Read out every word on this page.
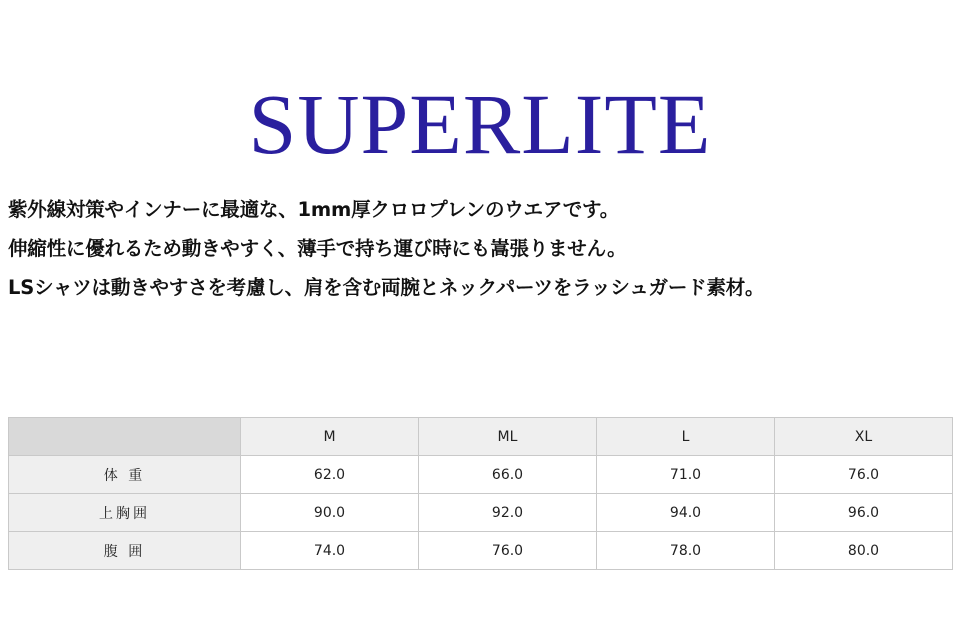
SUPERLITE
紫外線対策やインナーに最適な、1mm厚クロロプレンのウエアです。
伸縮性に優れるため動きやすく、薄手で持ち運び時にも嵩張りません。
LSシャツは動きやすさを考慮し、肩を含む両腕とネックパーツをラッシュガード素材。
	M	ML	L	XL
体 重	62.0	66.0	71.0	76.0
上胸囲	90.0	92.0	94.0	96.0
腹 囲	74.0	76.0	78.0	80.0
